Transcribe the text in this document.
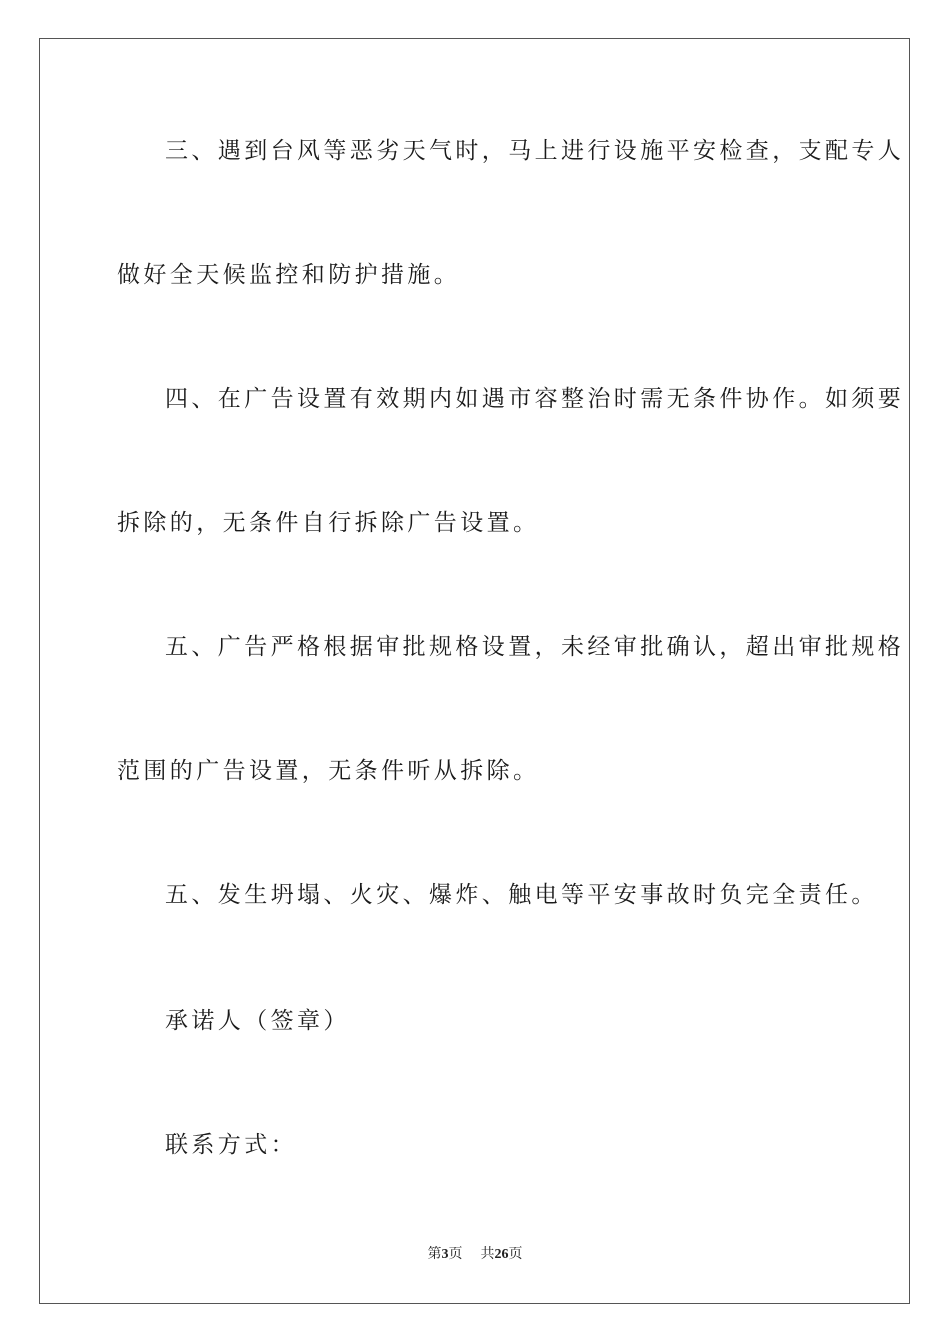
三、遇到台风等恶劣天气时，马上进行设施平安检查，支配专人
做好全天候监控和防护措施。
四、在广告设置有效期内如遇市容整治时需无条件协作。如须要
拆除的，无条件自行拆除广告设置。
五、广告严格根据审批规格设置，未经审批确认，超出审批规格
范围的广告设置，无条件听从拆除。
五、发生坍塌、火灾、爆炸、触电等平安事故时负完全责任。
承诺人（签章）
联系方式：
第3页 共26页
